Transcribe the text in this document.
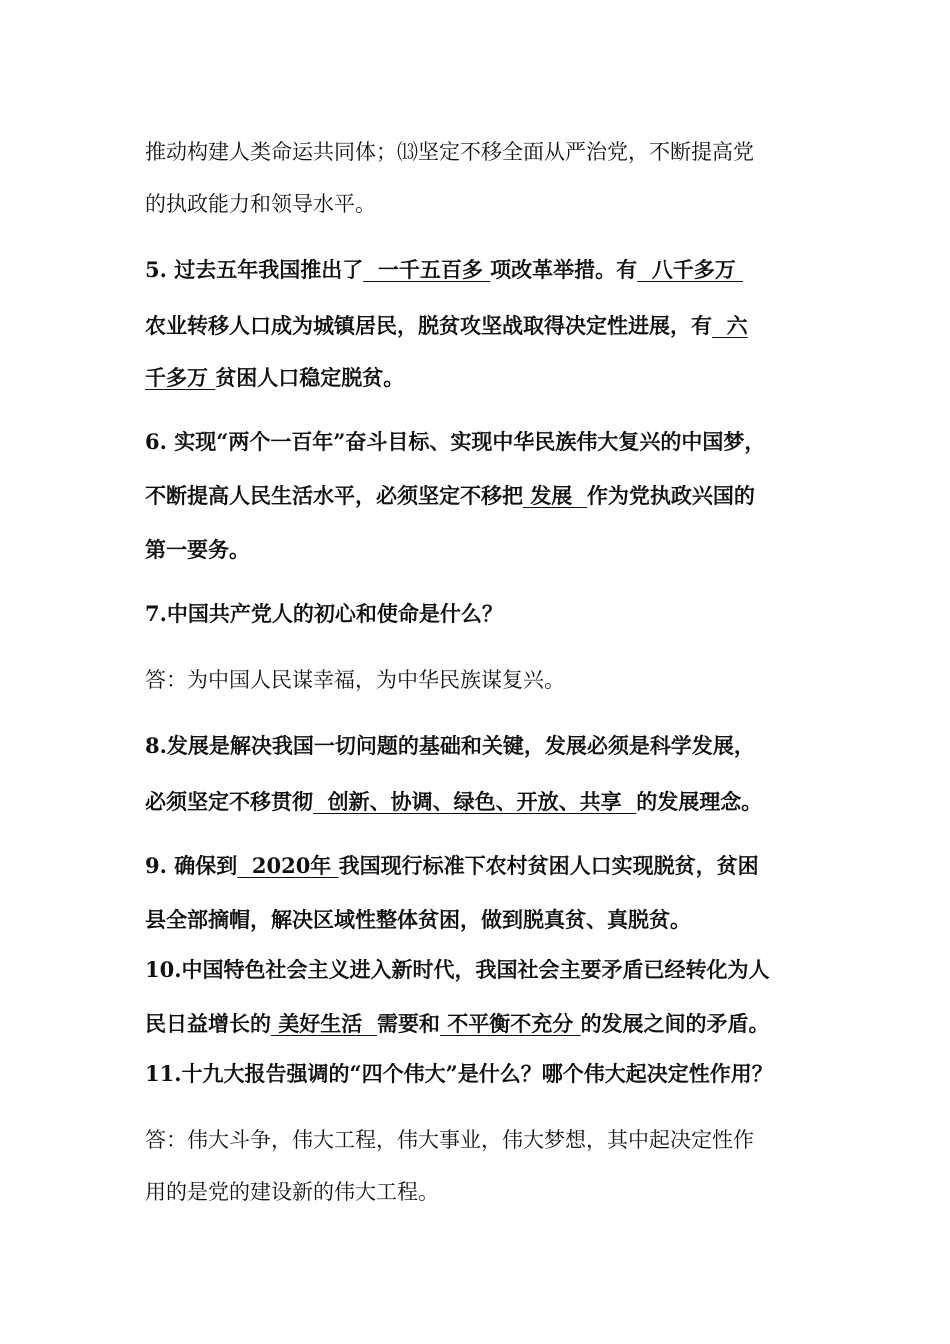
推动构建人类命运共同体；⒀坚定不移全面从严治党，不断提高党
的执政能力和领导水平。
5. 过去五年我国推出了  一千五百多 项改革举措。有  八千多万
农业转移人口成为城镇居民，脱贫攻坚战取得决定性进展，有  六
千多万 贫困人口稳定脱贫。
6. 实现“两个一百年”奋斗目标、实现中华民族伟大复兴的中国梦，
不断提高人民生活水平，必须坚定不移把 发展  作为党执政兴国的
第一要务。
7.中国共产党人的初心和使命是什么？
答：为中国人民谋幸福，为中华民族谋复兴。
8.发展是解决我国一切问题的基础和关键，发展必须是科学发展，
必须坚定不移贯彻  创新、协调、绿色、开放、共享  的发展理念。
9. 确保到  2020年 我国现行标准下农村贫困人口实现脱贫，贫困
县全部摘帽，解决区域性整体贫困，做到脱真贫、真脱贫。
10.中国特色社会主义进入新时代，我国社会主要矛盾已经转化为人
民日益增长的 美好生活  需要和 不平衡不充分 的发展之间的矛盾。
11.十九大报告强调的“四个伟大”是什么？哪个伟大起决定性作用？
答：伟大斗争，伟大工程，伟大事业，伟大梦想，其中起决定性作
用的是党的建设新的伟大工程。
